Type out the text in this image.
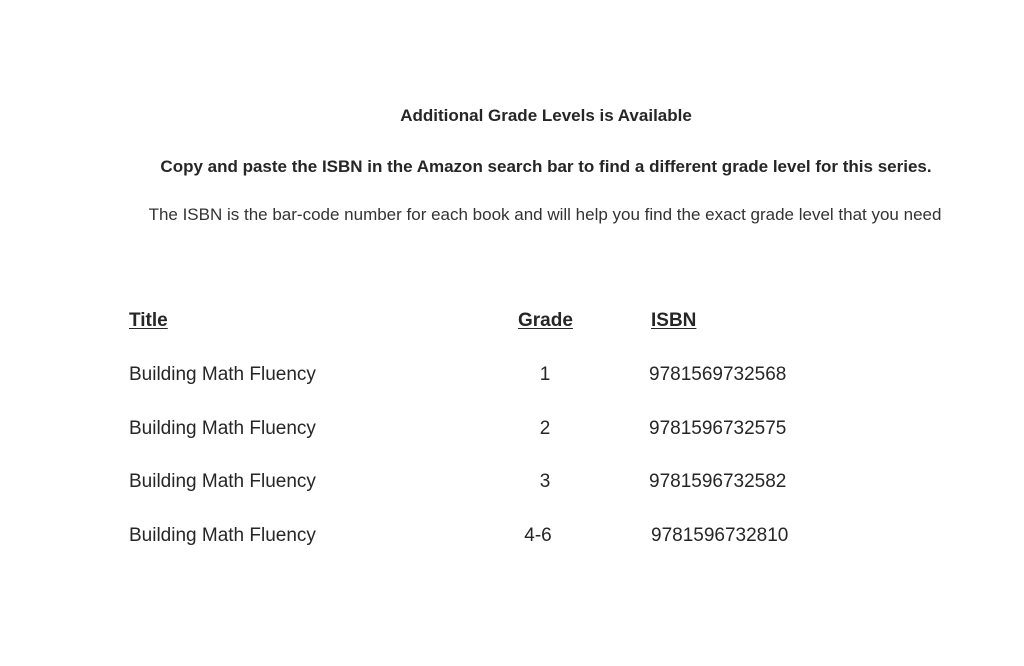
Additional Grade Levels is Available
Copy and paste the ISBN in the Amazon search bar to find a different grade level for this series.
The ISBN is the bar-code number for each book and will help you find the exact grade level that you need
Title	Grade	ISBN
Building Math Fluency	1	9781569732568
Building Math Fluency	2	9781596732575
Building Math Fluency	3	9781596732582
Building Math Fluency	4-6	9781596732810
